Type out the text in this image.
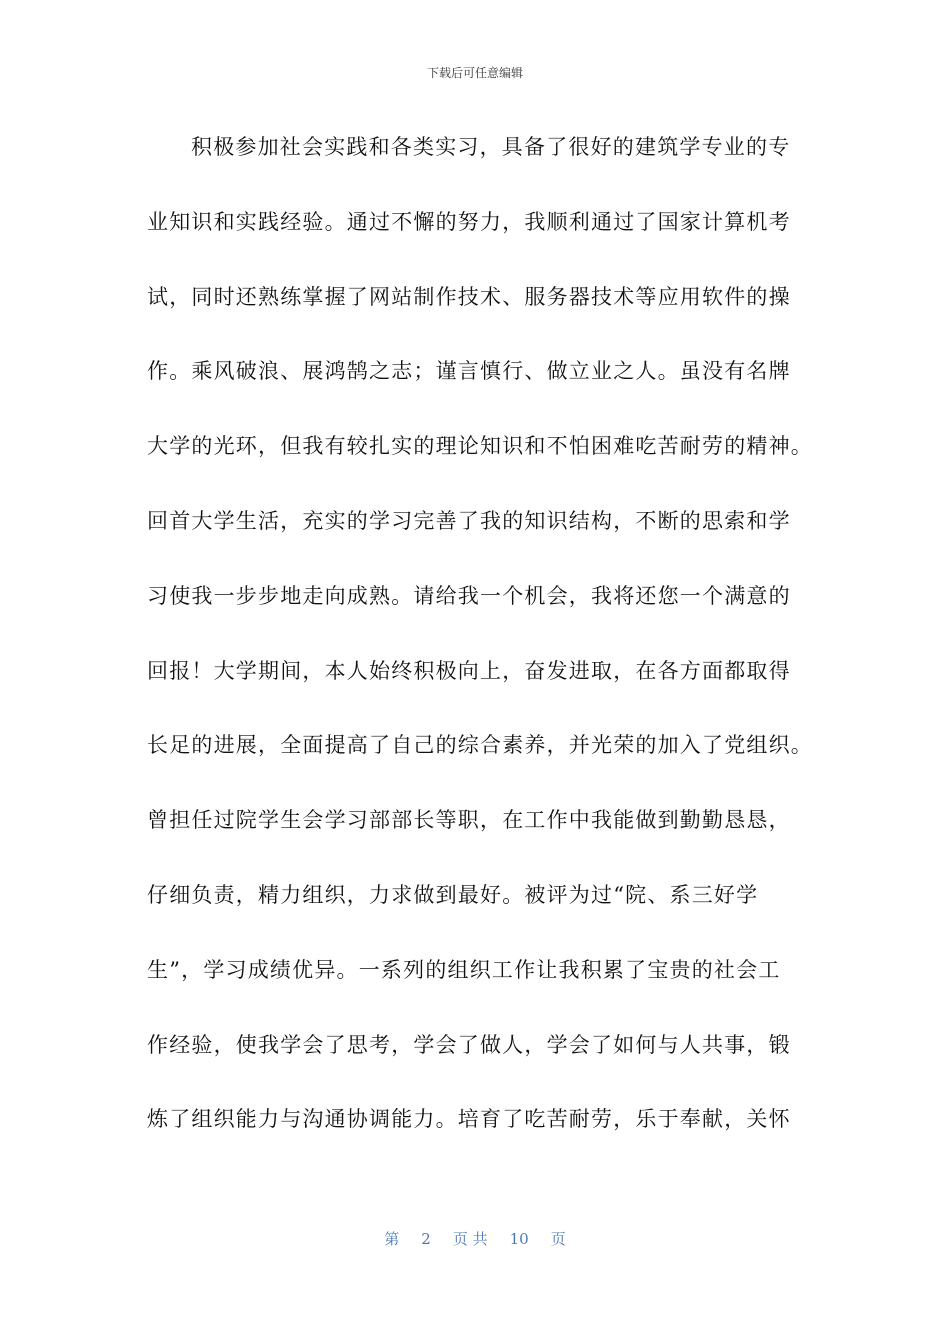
下载后可任意编辑
积极参加社会实践和各类实习，具备了很好的建筑学专业的专
业知识和实践经验。通过不懈的努力，我顺利通过了国家计算机考
试，同时还熟练掌握了网站制作技术、服务器技术等应用软件的操
作。乘风破浪、展鸿鹄之志；谨言慎行、做立业之人。虽没有名牌
大学的光环，但我有较扎实的理论知识和不怕困难吃苦耐劳的精神。
回首大学生活，充实的学习完善了我的知识结构，不断的思索和学
习使我一步步地走向成熟。请给我一个机会，我将还您一个满意的
回报！大学期间，本人始终积极向上，奋发进取，在各方面都取得
长足的进展，全面提高了自己的综合素养，并光荣的加入了党组织。
曾担任过院学生会学习部部长等职，在工作中我能做到勤勤恳恳，
仔细负责，精力组织，力求做到最好。被评为过“院、系三好学
生”，学习成绩优异。一系列的组织工作让我积累了宝贵的社会工
作经验，使我学会了思考，学会了做人，学会了如何与人共事，锻
炼了组织能力与沟通协调能力。培育了吃苦耐劳，乐于奉献，关怀
第 2 页 共 10 页
